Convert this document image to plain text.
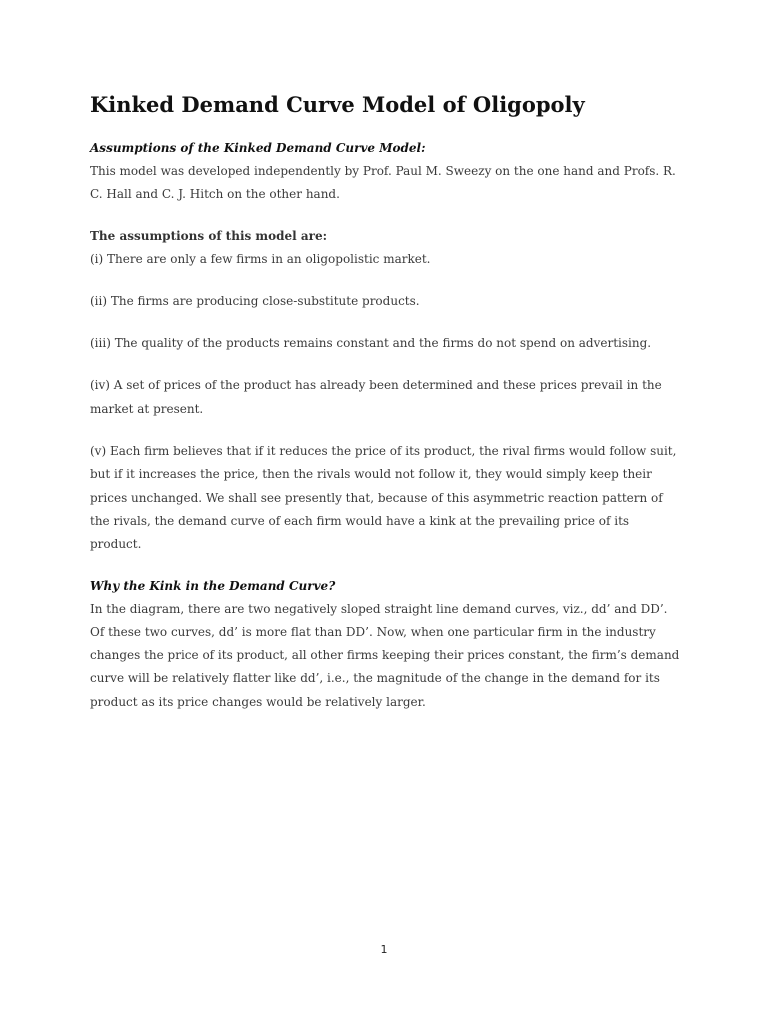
Kinked Demand Curve Model of Oligopoly

Assumptions of the Kinked Demand Curve Model:

This model was developed independently by Prof. Paul M. Sweezy on the one hand and Profs. R. C. Hall and C. J. Hitch on the other hand.

The assumptions of this model are:

(i) There are only a few firms in an oligopolistic market.

(ii) The firms are producing close-substitute products.

(iii) The quality of the products remains constant and the firms do not spend on advertising.

(iv) A set of prices of the product has already been determined and these prices prevail in the market at present.

(v) Each firm believes that if it reduces the price of its product, the rival firms would follow suit, but if it increases the price, then the rivals would not follow it, they would simply keep their prices unchanged. We shall see presently that, because of this asymmetric reaction pattern of the rivals, the demand curve of each firm would have a kink at the prevailing price of its product.

Why the Kink in the Demand Curve?

In the diagram, there are two negatively sloped straight line demand curves, viz., dd’ and DD’. Of these two curves, dd’ is more flat than DD’. Now, when one particular firm in the industry changes the price of its product, all other firms keeping their prices constant, the firm’s demand curve will be relatively flatter like dd’, i.e., the magnitude of the change in the demand for its product as its price changes would be relatively larger.

1
